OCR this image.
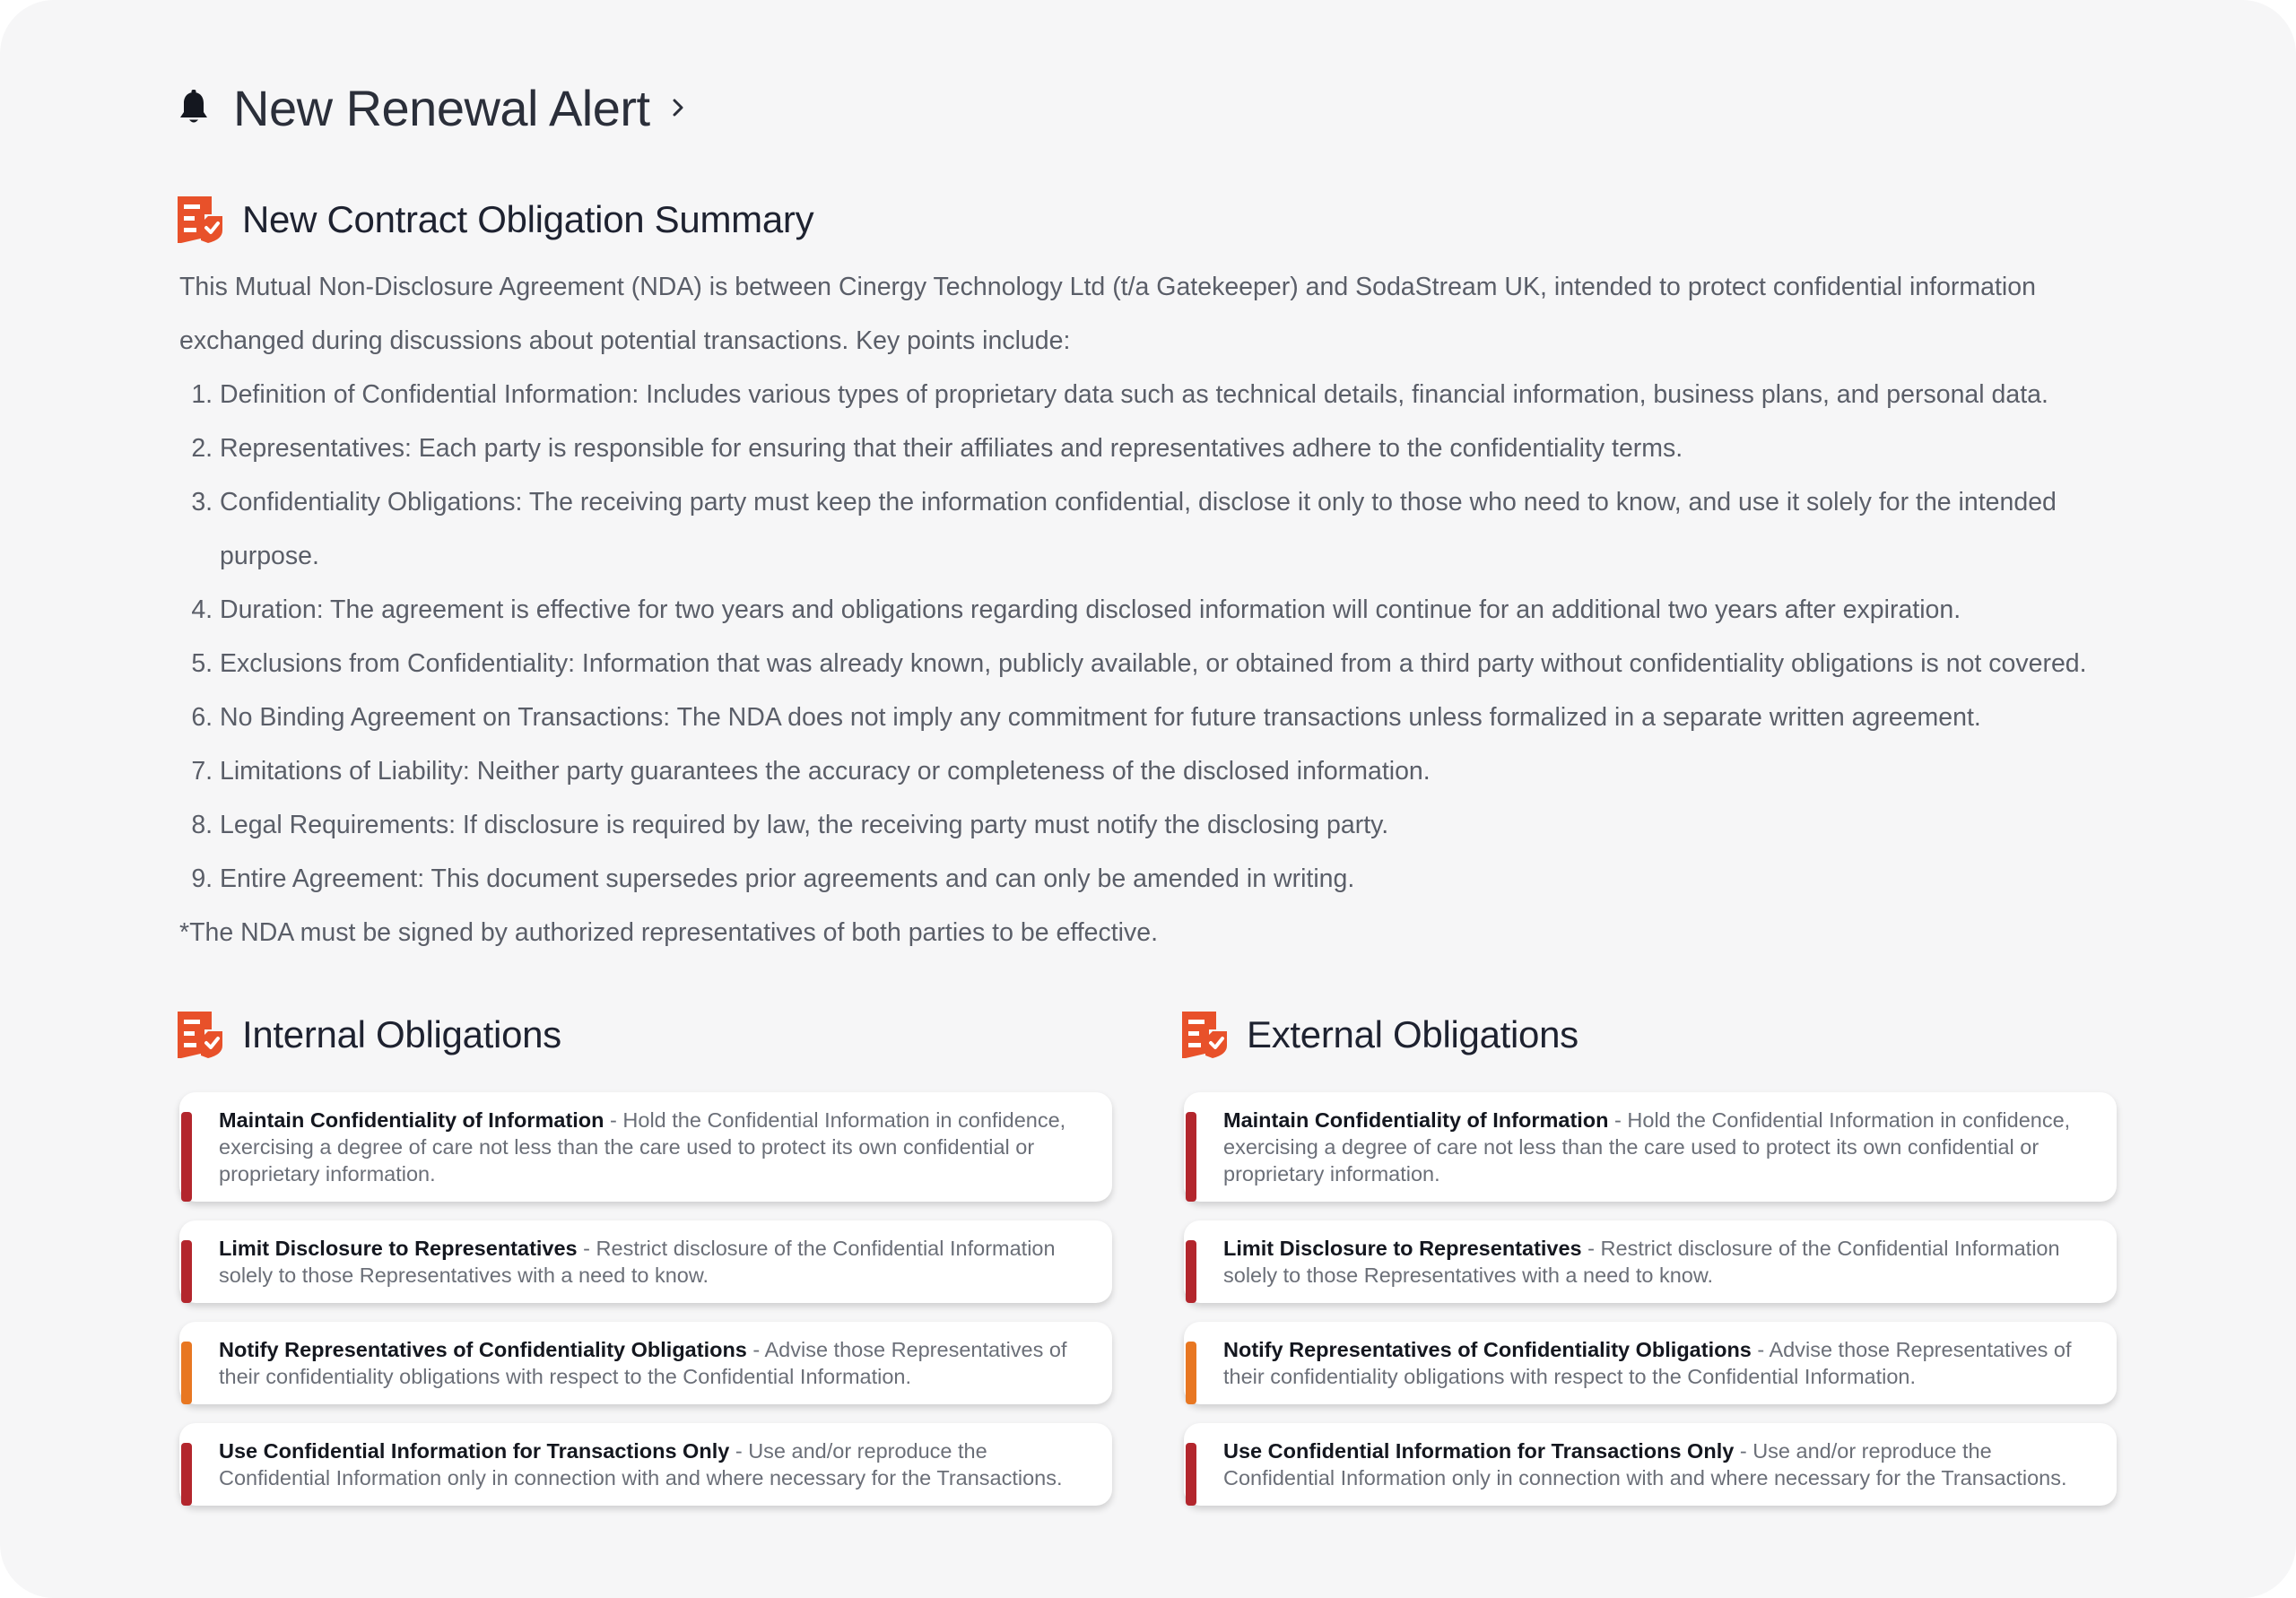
New Renewal Alert
New Contract Obligation Summary

This Mutual Non-Disclosure Agreement (NDA) is between Cinergy Technology Ltd (t/a Gatekeeper) and SodaStream UK, intended to protect confidential information exchanged during discussions about potential transactions. Key points include:

1. Definition of Confidential Information: Includes various types of proprietary data such as technical details, financial information, business plans, and personal data.
2. Representatives: Each party is responsible for ensuring that their affiliates and representatives adhere to the confidentiality terms.
3. Confidentiality Obligations: The receiving party must keep the information confidential, disclose it only to those who need to know, and use it solely for the intended purpose.
4. Duration: The agreement is effective for two years and obligations regarding disclosed information will continue for an additional two years after expiration.
5. Exclusions from Confidentiality: Information that was already known, publicly available, or obtained from a third party without confidentiality obligations is not covered.
6. No Binding Agreement on Transactions: The NDA does not imply any commitment for future transactions unless formalized in a separate written agreement.
7. Limitations of Liability: Neither party guarantees the accuracy or completeness of the disclosed information.
8. Legal Requirements: If disclosure is required by law, the receiving party must notify the disclosing party.
9. Entire Agreement: This document supersedes prior agreements and can only be amended in writing.

*The NDA must be signed by authorized representatives of both parties to be effective.

Internal Obligations	External Obligations
Maintain Confidentiality of Information - Hold the Confidential Information in confidence, exercising a degree of care not less than the care used to protect its own confidential or proprietary information.
Limit Disclosure to Representatives - Restrict disclosure of the Confidential Information solely to those Representatives with a need to know.
Notify Representatives of Confidentiality Obligations - Advise those Representatives of their confidentiality obligations with respect to the Confidential Information.
Use Confidential Information for Transactions Only - Use and/or reproduce the Confidential Information only in connection with and where necessary for the Transactions.
Maintain Confidentiality of Information - Hold the Confidential Information in confidence, exercising a degree of care not less than the care used to protect its own confidential or proprietary information.
Limit Disclosure to Representatives - Restrict disclosure of the Confidential Information solely to those Representatives with a need to know.
Notify Representatives of Confidentiality Obligations - Advise those Representatives of their confidentiality obligations with respect to the Confidential Information.
Use Confidential Information for Transactions Only - Use and/or reproduce the Confidential Information only in connection with and where necessary for the Transactions.
